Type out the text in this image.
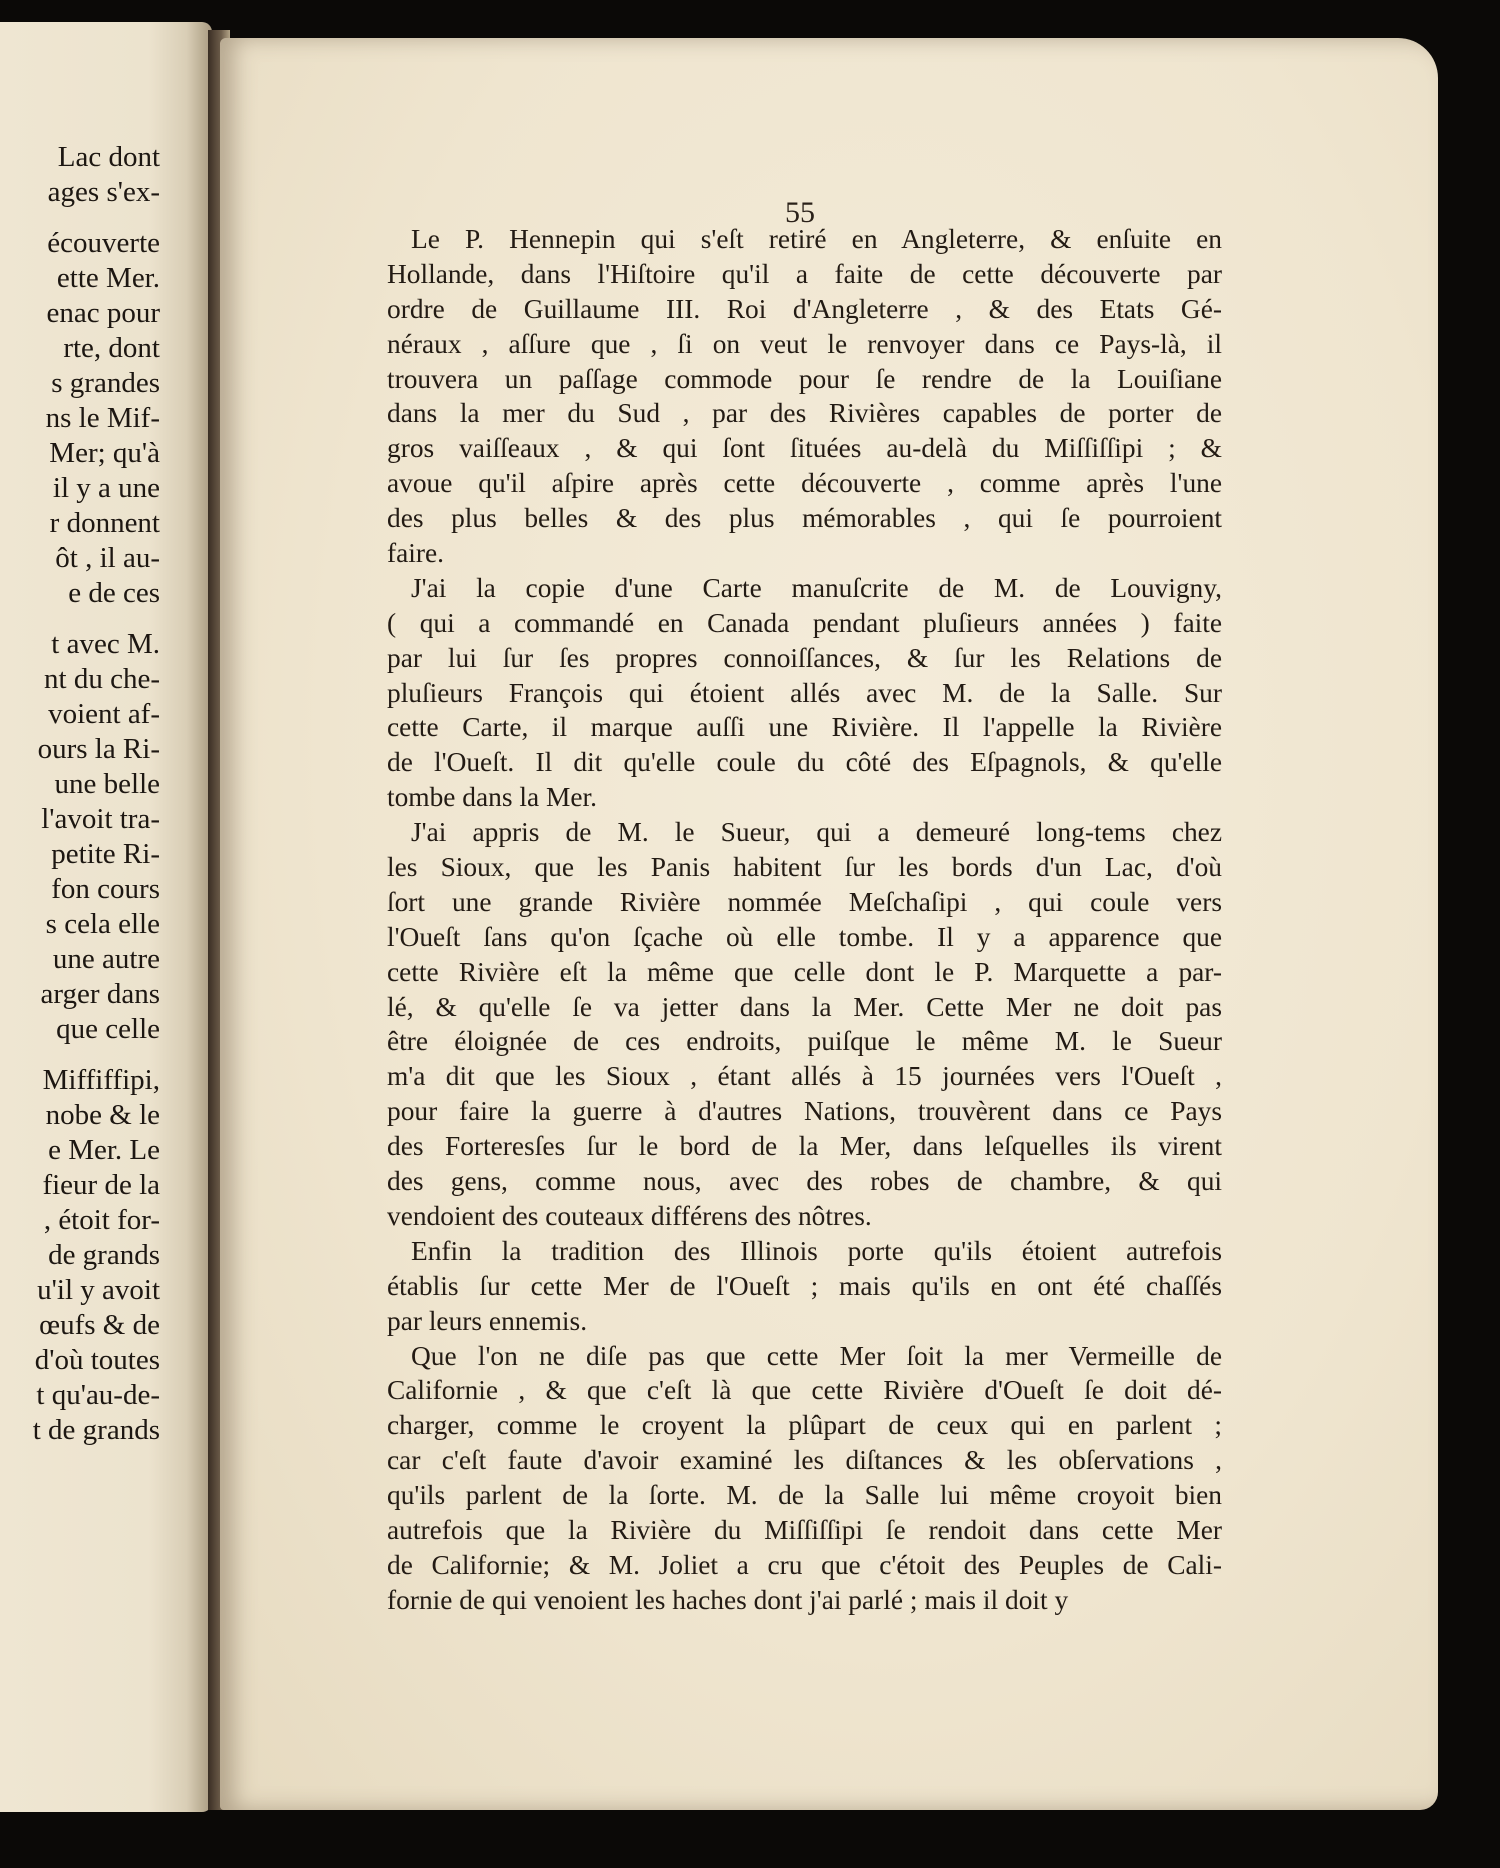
Lac dont
ages s'ex-
écouverte
ette Mer.
enac pour
rte, dont
s grandes
ns le Mif-
Mer; qu'à
il y a une
r donnent
ôt , il au-
e de ces
t avec M.
nt du che-
voient af-
ours la Ri-
une belle
l'avoit tra-
petite Ri-
fon cours
s cela elle
une autre
arger dans
que celle
Miffiffipi,
nobe & le
e Mer. Le
fieur de la
, étoit for-
de grands
u'il y avoit
œufs & de
d'où toutes
t qu'au-de-
t de grands
55
Le P. Hennepin qui s'eſt retiré en Angleterre, & enſuite en
Hollande, dans l'Hiſtoire qu'il a faite de cette découverte par
ordre de Guillaume III. Roi d'Angleterre , & des Etats Gé-
néraux , aſſure que , ſi on veut le renvoyer dans ce Pays-là, il
trouvera un paſſage commode pour ſe rendre de la Louiſiane
dans la mer du Sud , par des Rivières capables de porter de
gros vaiſſeaux , & qui ſont ſituées au-delà du Miſſiſſipi ; &
avoue qu'il aſpire après cette découverte , comme après l'une
des plus belles & des plus mémorables , qui ſe pourroient
faire.
J'ai la copie d'une Carte manuſcrite de M. de Louvigny,
( qui a commandé en Canada pendant pluſieurs années ) faite
par lui ſur ſes propres connoiſſances, & ſur les Relations de
pluſieurs François qui étoient allés avec M. de la Salle. Sur
cette Carte, il marque auſſi une Rivière. Il l'appelle la Rivière
de l'Oueſt. Il dit qu'elle coule du côté des Eſpagnols, & qu'elle
tombe dans la Mer.
J'ai appris de M. le Sueur, qui a demeuré long-tems chez
les Sioux, que les Panis habitent ſur les bords d'un Lac, d'où
ſort une grande Rivière nommée Meſchaſipi , qui coule vers
l'Oueſt ſans qu'on ſçache où elle tombe. Il y a apparence que
cette Rivière eſt la même que celle dont le P. Marquette a par-
lé, & qu'elle ſe va jetter dans la Mer. Cette Mer ne doit pas
être éloignée de ces endroits, puiſque le même M. le Sueur
m'a dit que les Sioux , étant allés à 15 journées vers l'Oueſt ,
pour faire la guerre à d'autres Nations, trouvèrent dans ce Pays
des Forteresſes ſur le bord de la Mer, dans leſquelles ils virent
des gens, comme nous, avec des robes de chambre, & qui
vendoient des couteaux différens des nôtres.
Enfin la tradition des Illinois porte qu'ils étoient autrefois
établis ſur cette Mer de l'Oueſt ; mais qu'ils en ont été chaſſés
par leurs ennemis.
Que l'on ne diſe pas que cette Mer ſoit la mer Vermeille de
Californie , & que c'eſt là que cette Rivière d'Oueſt ſe doit dé-
charger, comme le croyent la plûpart de ceux qui en parlent ;
car c'eſt faute d'avoir examiné les diſtances & les obſervations ,
qu'ils parlent de la ſorte. M. de la Salle lui même croyoit bien
autrefois que la Rivière du Miſſiſſipi ſe rendoit dans cette Mer
de Californie; & M. Joliet a cru que c'étoit des Peuples de Cali-
fornie de qui venoient les haches dont j'ai parlé ; mais il doit y
